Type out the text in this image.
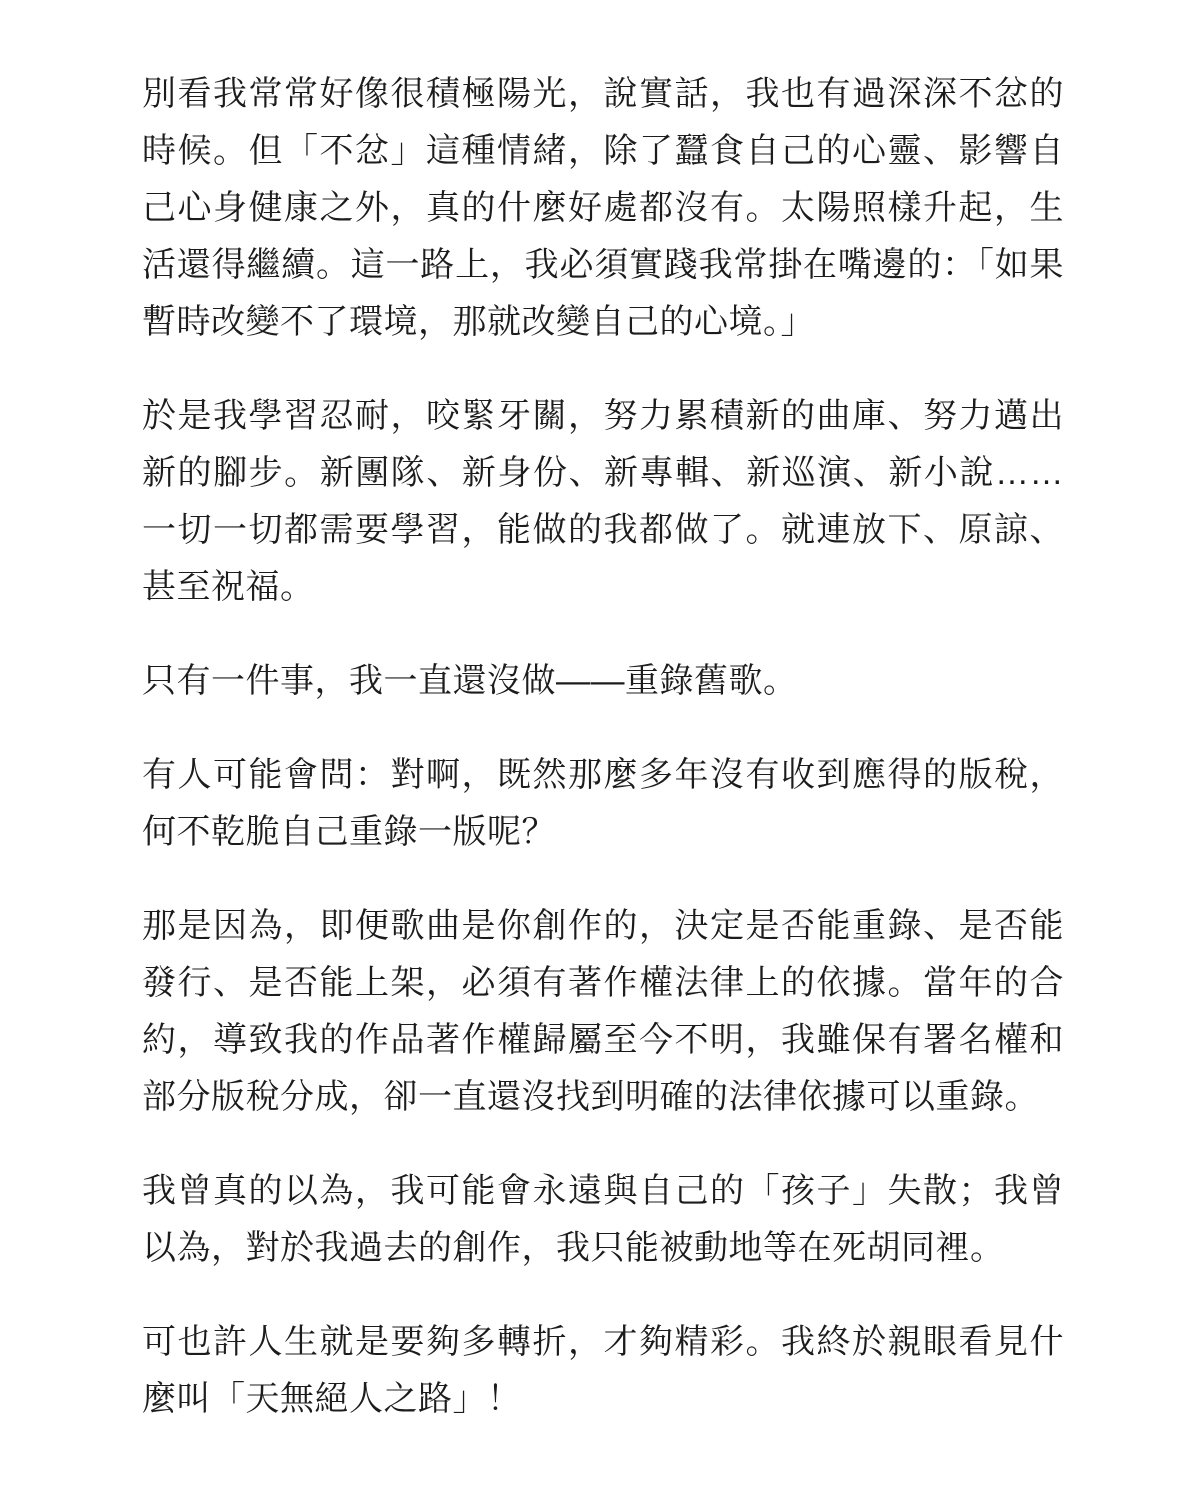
別看我常常好像很積極陽光，說實話，我也有過深深不忿的時候。但「不忿」這種情緒，除了蠶食自己的心靈、影響自己心身健康之外，真的什麼好處都沒有。太陽照樣升起，生活還得繼續。這一路上，我必須實踐我常掛在嘴邊的：「如果暫時改變不了環境，那就改變自己的心境。」

於是我學習忍耐，咬緊牙關，努力累積新的曲庫、努力邁出新的腳步。新團隊、新身份、新專輯、新巡演、新小說……一切一切都需要學習，能做的我都做了。就連放下、原諒、甚至祝福。

只有一件事，我一直還沒做——重錄舊歌。

有人可能會問：對啊，既然那麼多年沒有收到應得的版稅，何不乾脆自己重錄一版呢？

那是因為，即便歌曲是你創作的，決定是否能重錄、是否能發行、是否能上架，必須有著作權法律上的依據。當年的合約，導致我的作品著作權歸屬至今不明，我雖保有署名權和部分版稅分成，卻一直還沒找到明確的法律依據可以重錄。

我曾真的以為，我可能會永遠與自己的「孩子」失散；我曾以為，對於我過去的創作，我只能被動地等在死胡同裡。

可也許人生就是要夠多轉折，才夠精彩。我終於親眼看見什麼叫「天無絕人之路」！
